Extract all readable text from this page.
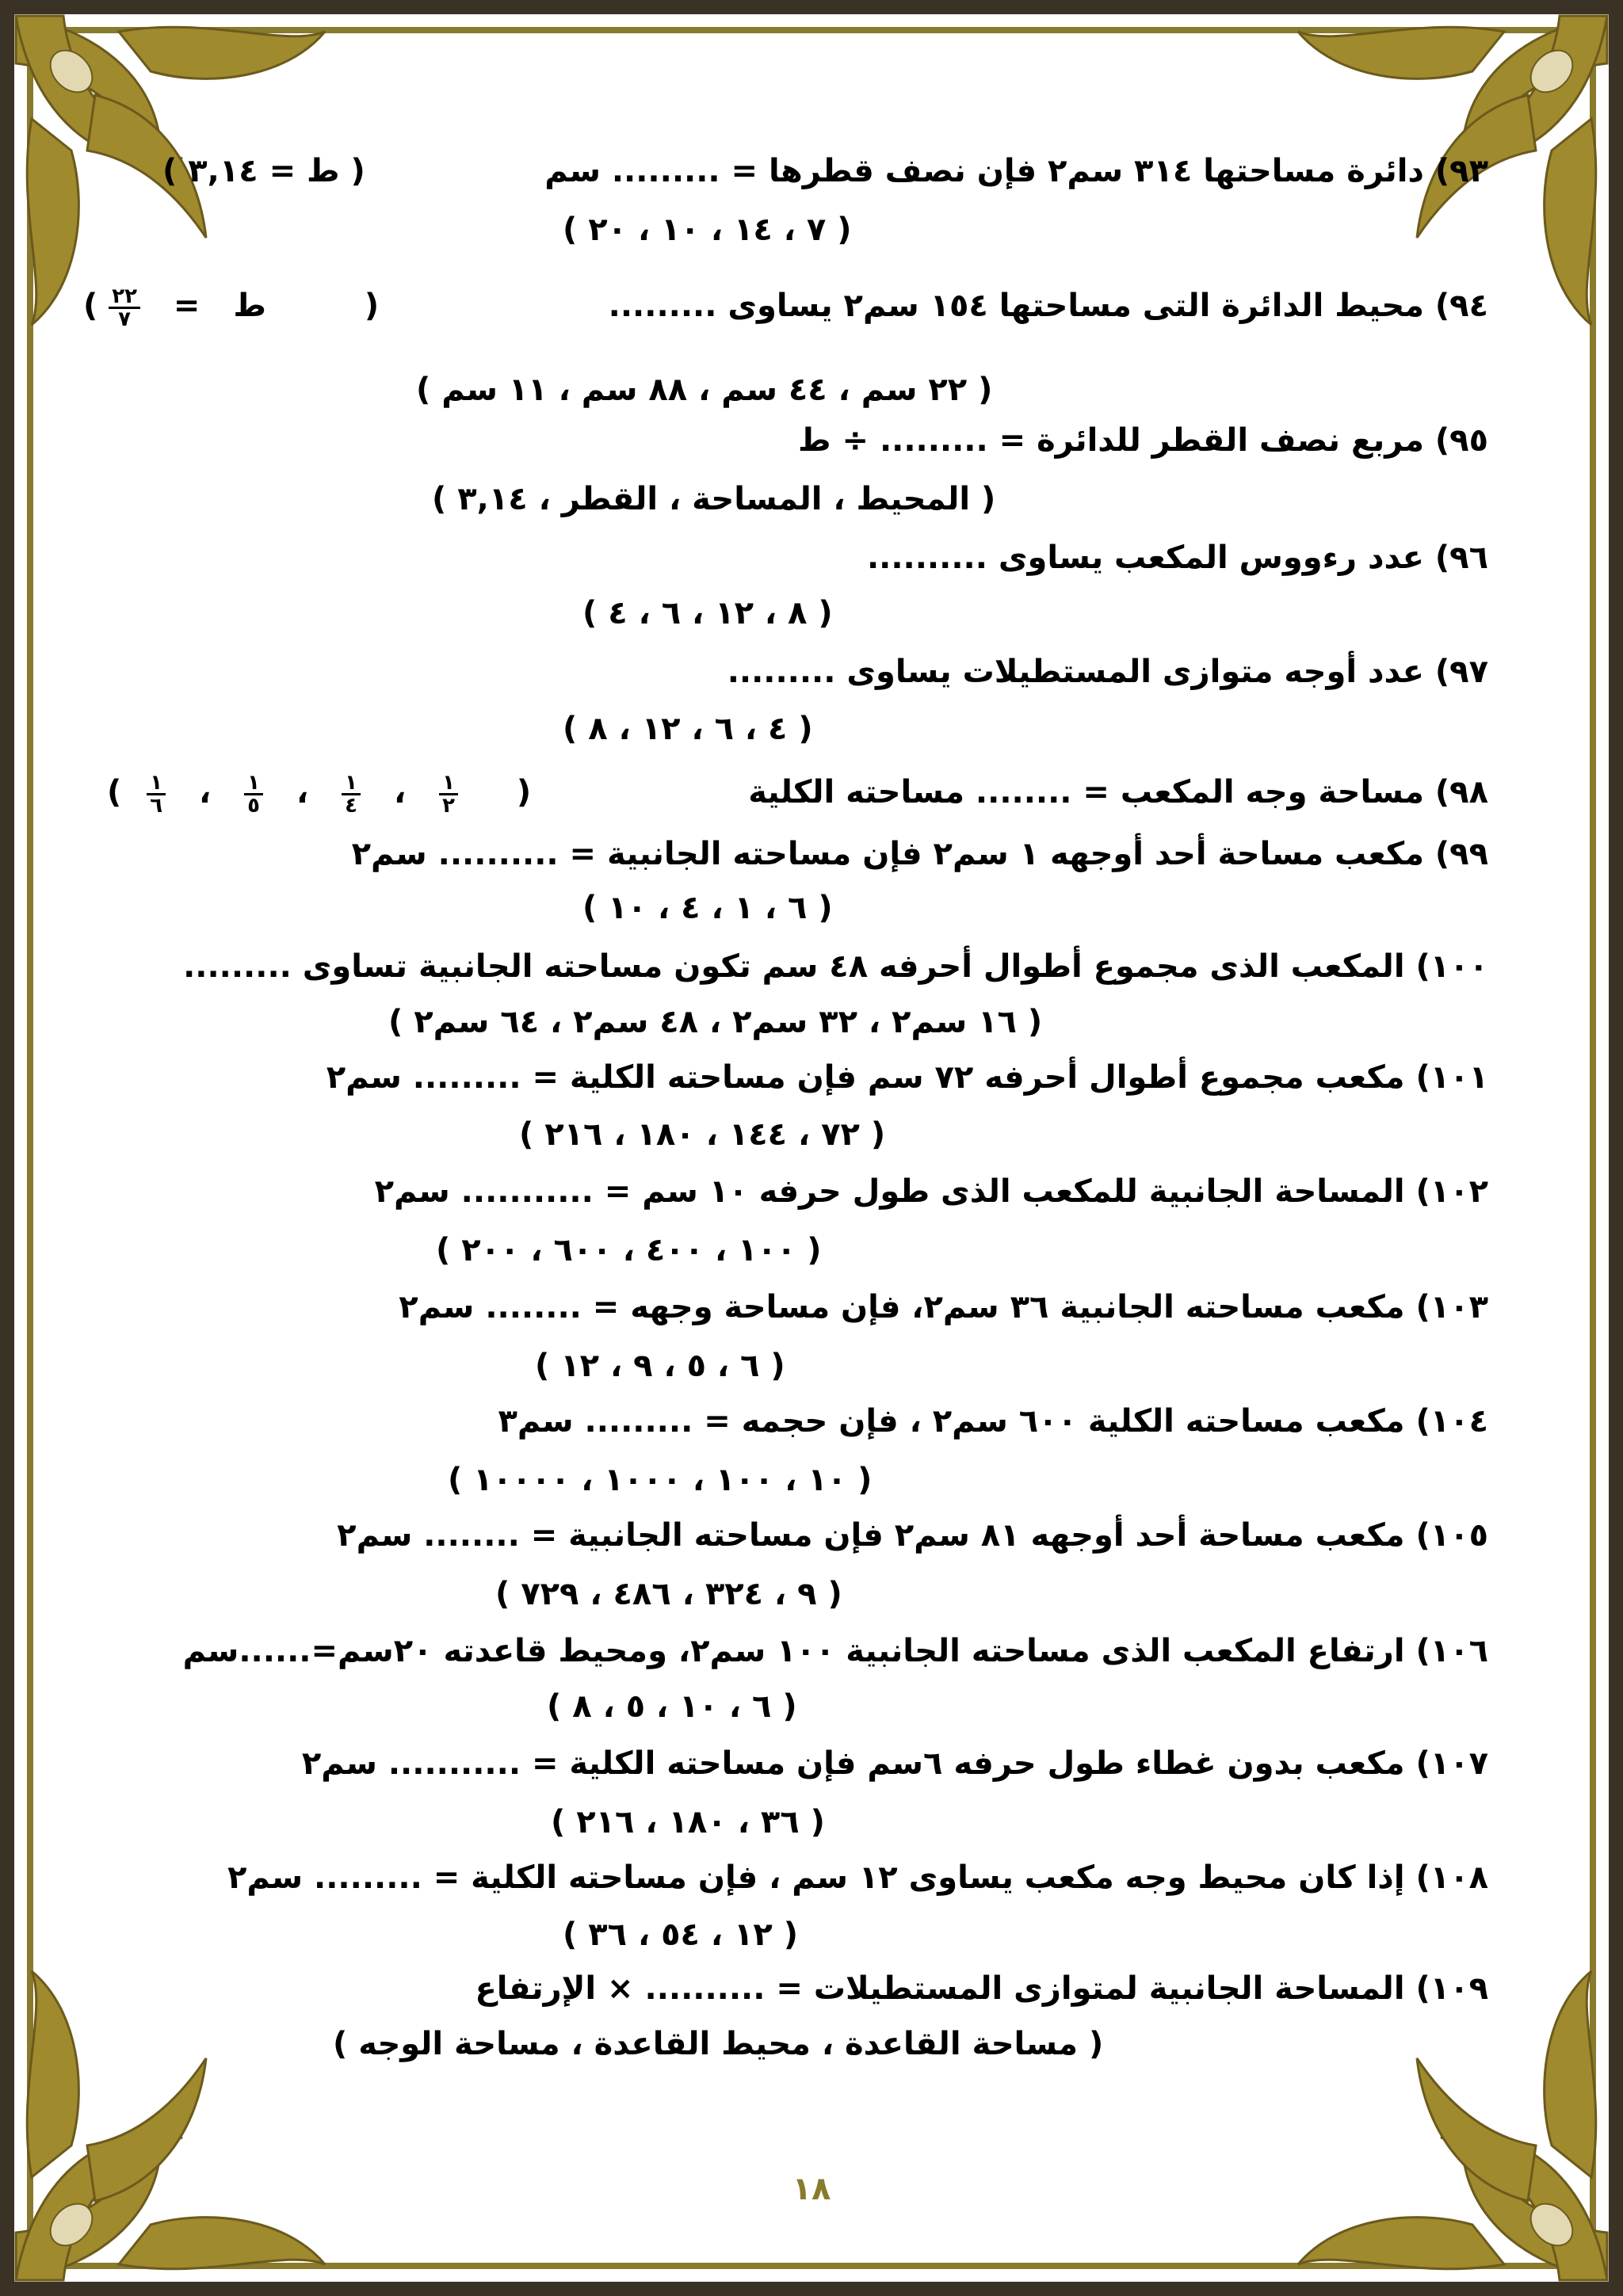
٩٣) دائرة مساحتها ٣١٤ سم٢ فإن نصف قطرها = ......... سم

( ط = ٣,١٤ )

( ٧ ، ١٤ ، ١٠ ، ٢٠ )

٩٤) محيط الدائرة التى مساحتها ١٥٤ سم٢ يساوى .........

( $\frac{٢٢}{٧}$ = ط	)

( ٢٢ سم ، ٤٤ سم ، ٨٨ سم ، ١١ سم )

٩٥) مربع نصف القطر للدائرة = ......... ÷ ط

( المحيط ، المساحة ، القطر ، ٣,١٤ )

٩٦) عدد رءووس المكعب يساوى ..........

( ٨ ، ١٢ ، ٦ ، ٤ )

٩٧) عدد أوجه متوازى المستطيلات يساوى .........

( ٤ ، ٦ ، ١٢ ، ٨ )

٩٨) مساحة وجه المكعب = ........ مساحته الكلية

( $\frac{١}{٦}$ ، $\frac{١}{٥}$ ، $\frac{١}{٤}$ ، $\frac{١}{٢}$ )

٩٩) مكعب مساحة أحد أوجهه ١ سم٢ فإن مساحته الجانبية = .......... سم٢

( ٦ ، ١ ، ٤ ، ١٠ )

١٠٠) المكعب الذى مجموع أطوال أحرفه ٤٨ سم تكون مساحته الجانبية تساوى .........

( ١٦ سم٢ ، ٣٢ سم٢ ، ٤٨ سم٢ ، ٦٤ سم٢ )

١٠١) مكعب مجموع أطوال أحرفه ٧٢ سم فإن مساحته الكلية = ......... سم٢

( ٧٢ ، ١٤٤ ، ١٨٠ ، ٢١٦ )

١٠٢) المساحة الجانبية للمكعب الذى طول حرفه ١٠ سم = ........... سم٢

( ١٠٠ ، ٤٠٠ ، ٦٠٠ ، ٢٠٠ )

١٠٣) مكعب مساحته الجانبية ٣٦ سم٢، فإن مساحة وجهه = ........ سم٢

( ٦ ، ٥ ، ٩ ، ١٢ )

١٠٤) مكعب مساحته الكلية ٦٠٠ سم٢ ، فإن حجمه = ......... سم٣

( ١٠ ، ١٠٠ ، ١٠٠٠ ، ١٠٠٠٠ )

١٠٥) مكعب مساحة أحد أوجهه ٨١ سم٢ فإن مساحته الجانبية = ........ سم٢

( ٩ ، ٣٢٤ ، ٤٨٦ ، ٧٢٩ )

١٠٦) ارتفاع المكعب الذى مساحته الجانبية ١٠٠ سم٢، ومحيط قاعدته ٢٠سم=......سم

( ٦ ، ١٠ ، ٥ ، ٨ )

١٠٧) مكعب بدون غطاء طول حرفه ٦سم فإن مساحته الكلية = ........... سم٢

( ٣٦ ، ١٨٠ ، ٢١٦ )

١٠٨) إذا كان محيط وجه مكعب يساوى ١٢ سم ، فإن مساحته الكلية = ......... سم٢

( ١٢ ، ٥٤ ، ٣٦ )

١٠٩) المساحة الجانبية لمتوازى المستطيلات = .......... × الإرتفاع

( مساحة القاعدة ، محيط القاعدة ، مساحة الوجه )

١٨
